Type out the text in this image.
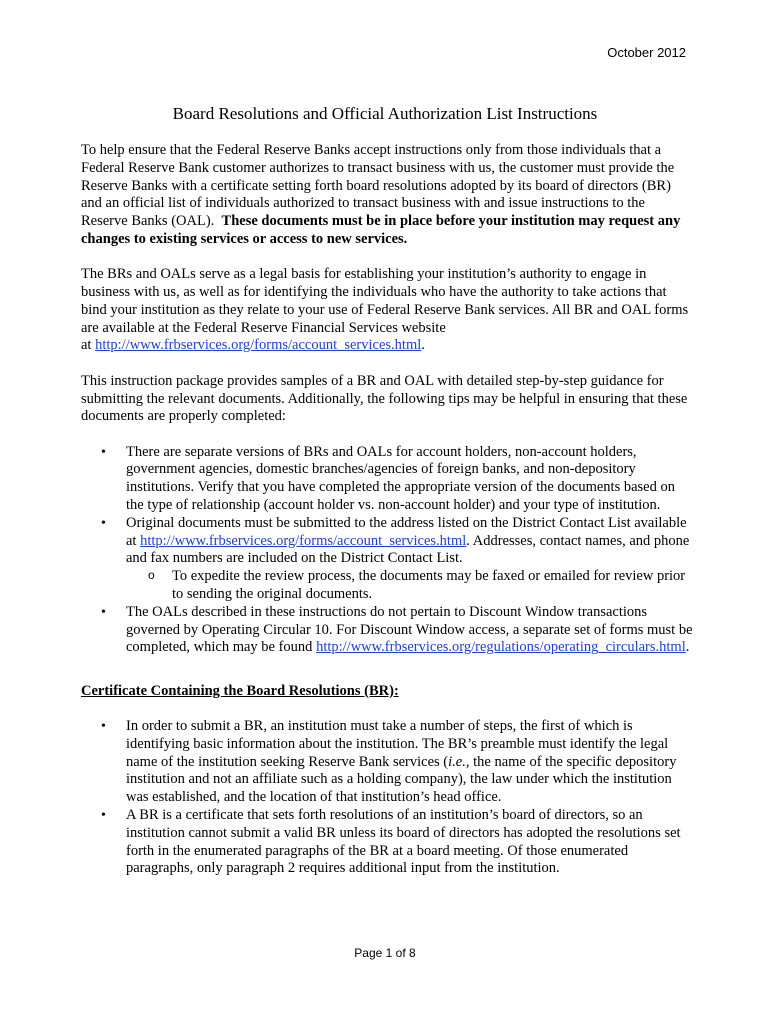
October 2012
Board Resolutions and Official Authorization List Instructions

To help ensure that the Federal Reserve Banks accept instructions only from those individuals that a Federal Reserve Bank customer authorizes to transact business with us, the customer must provide the Reserve Banks with a certificate setting forth board resolutions adopted by its board of directors (BR) and an official list of individuals authorized to transact business with and issue instructions to the Reserve Banks (OAL). These documents must be in place before your institution may request any changes to existing services or access to new services.

The BRs and OALs serve as a legal basis for establishing your institution’s authority to engage in business with us, as well as for identifying the individuals who have the authority to take actions that bind your institution as they relate to your use of Federal Reserve Bank services. All BR and OAL forms are available at the Federal Reserve Financial Services website
at http://www.frbservices.org/forms/account_services.html.

This instruction package provides samples of a BR and OAL with detailed step-by-step guidance for submitting the relevant documents. Additionally, the following tips may be helpful in ensuring that these documents are properly completed:

• There are separate versions of BRs and OALs for account holders, non-account holders, government agencies, domestic branches/agencies of foreign banks, and non-depository institutions. Verify that you have completed the appropriate version of the documents based on the type of relationship (account holder vs. non-account holder) and your type of institution.
• Original documents must be submitted to the address listed on the District Contact List available at http://www.frbservices.org/forms/account_services.html. Addresses, contact names, and phone and fax numbers are included on the District Contact List.
o To expedite the review process, the documents may be faxed or emailed for review prior to sending the original documents.
• The OALs described in these instructions do not pertain to Discount Window transactions governed by Operating Circular 10. For Discount Window access, a separate set of forms must be completed, which may be found http://www.frbservices.org/regulations/operating_circulars.html.

Certificate Containing the Board Resolutions (BR):

• In order to submit a BR, an institution must take a number of steps, the first of which is identifying basic information about the institution. The BR’s preamble must identify the legal name of the institution seeking Reserve Bank services (i.e., the name of the specific depository institution and not an affiliate such as a holding company), the law under which the institution was established, and the location of that institution’s head office.
• A BR is a certificate that sets forth resolutions of an institution’s board of directors, so an institution cannot submit a valid BR unless its board of directors has adopted the resolutions set forth in the enumerated paragraphs of the BR at a board meeting. Of those enumerated paragraphs, only paragraph 2 requires additional input from the institution.
Page 1 of 8
